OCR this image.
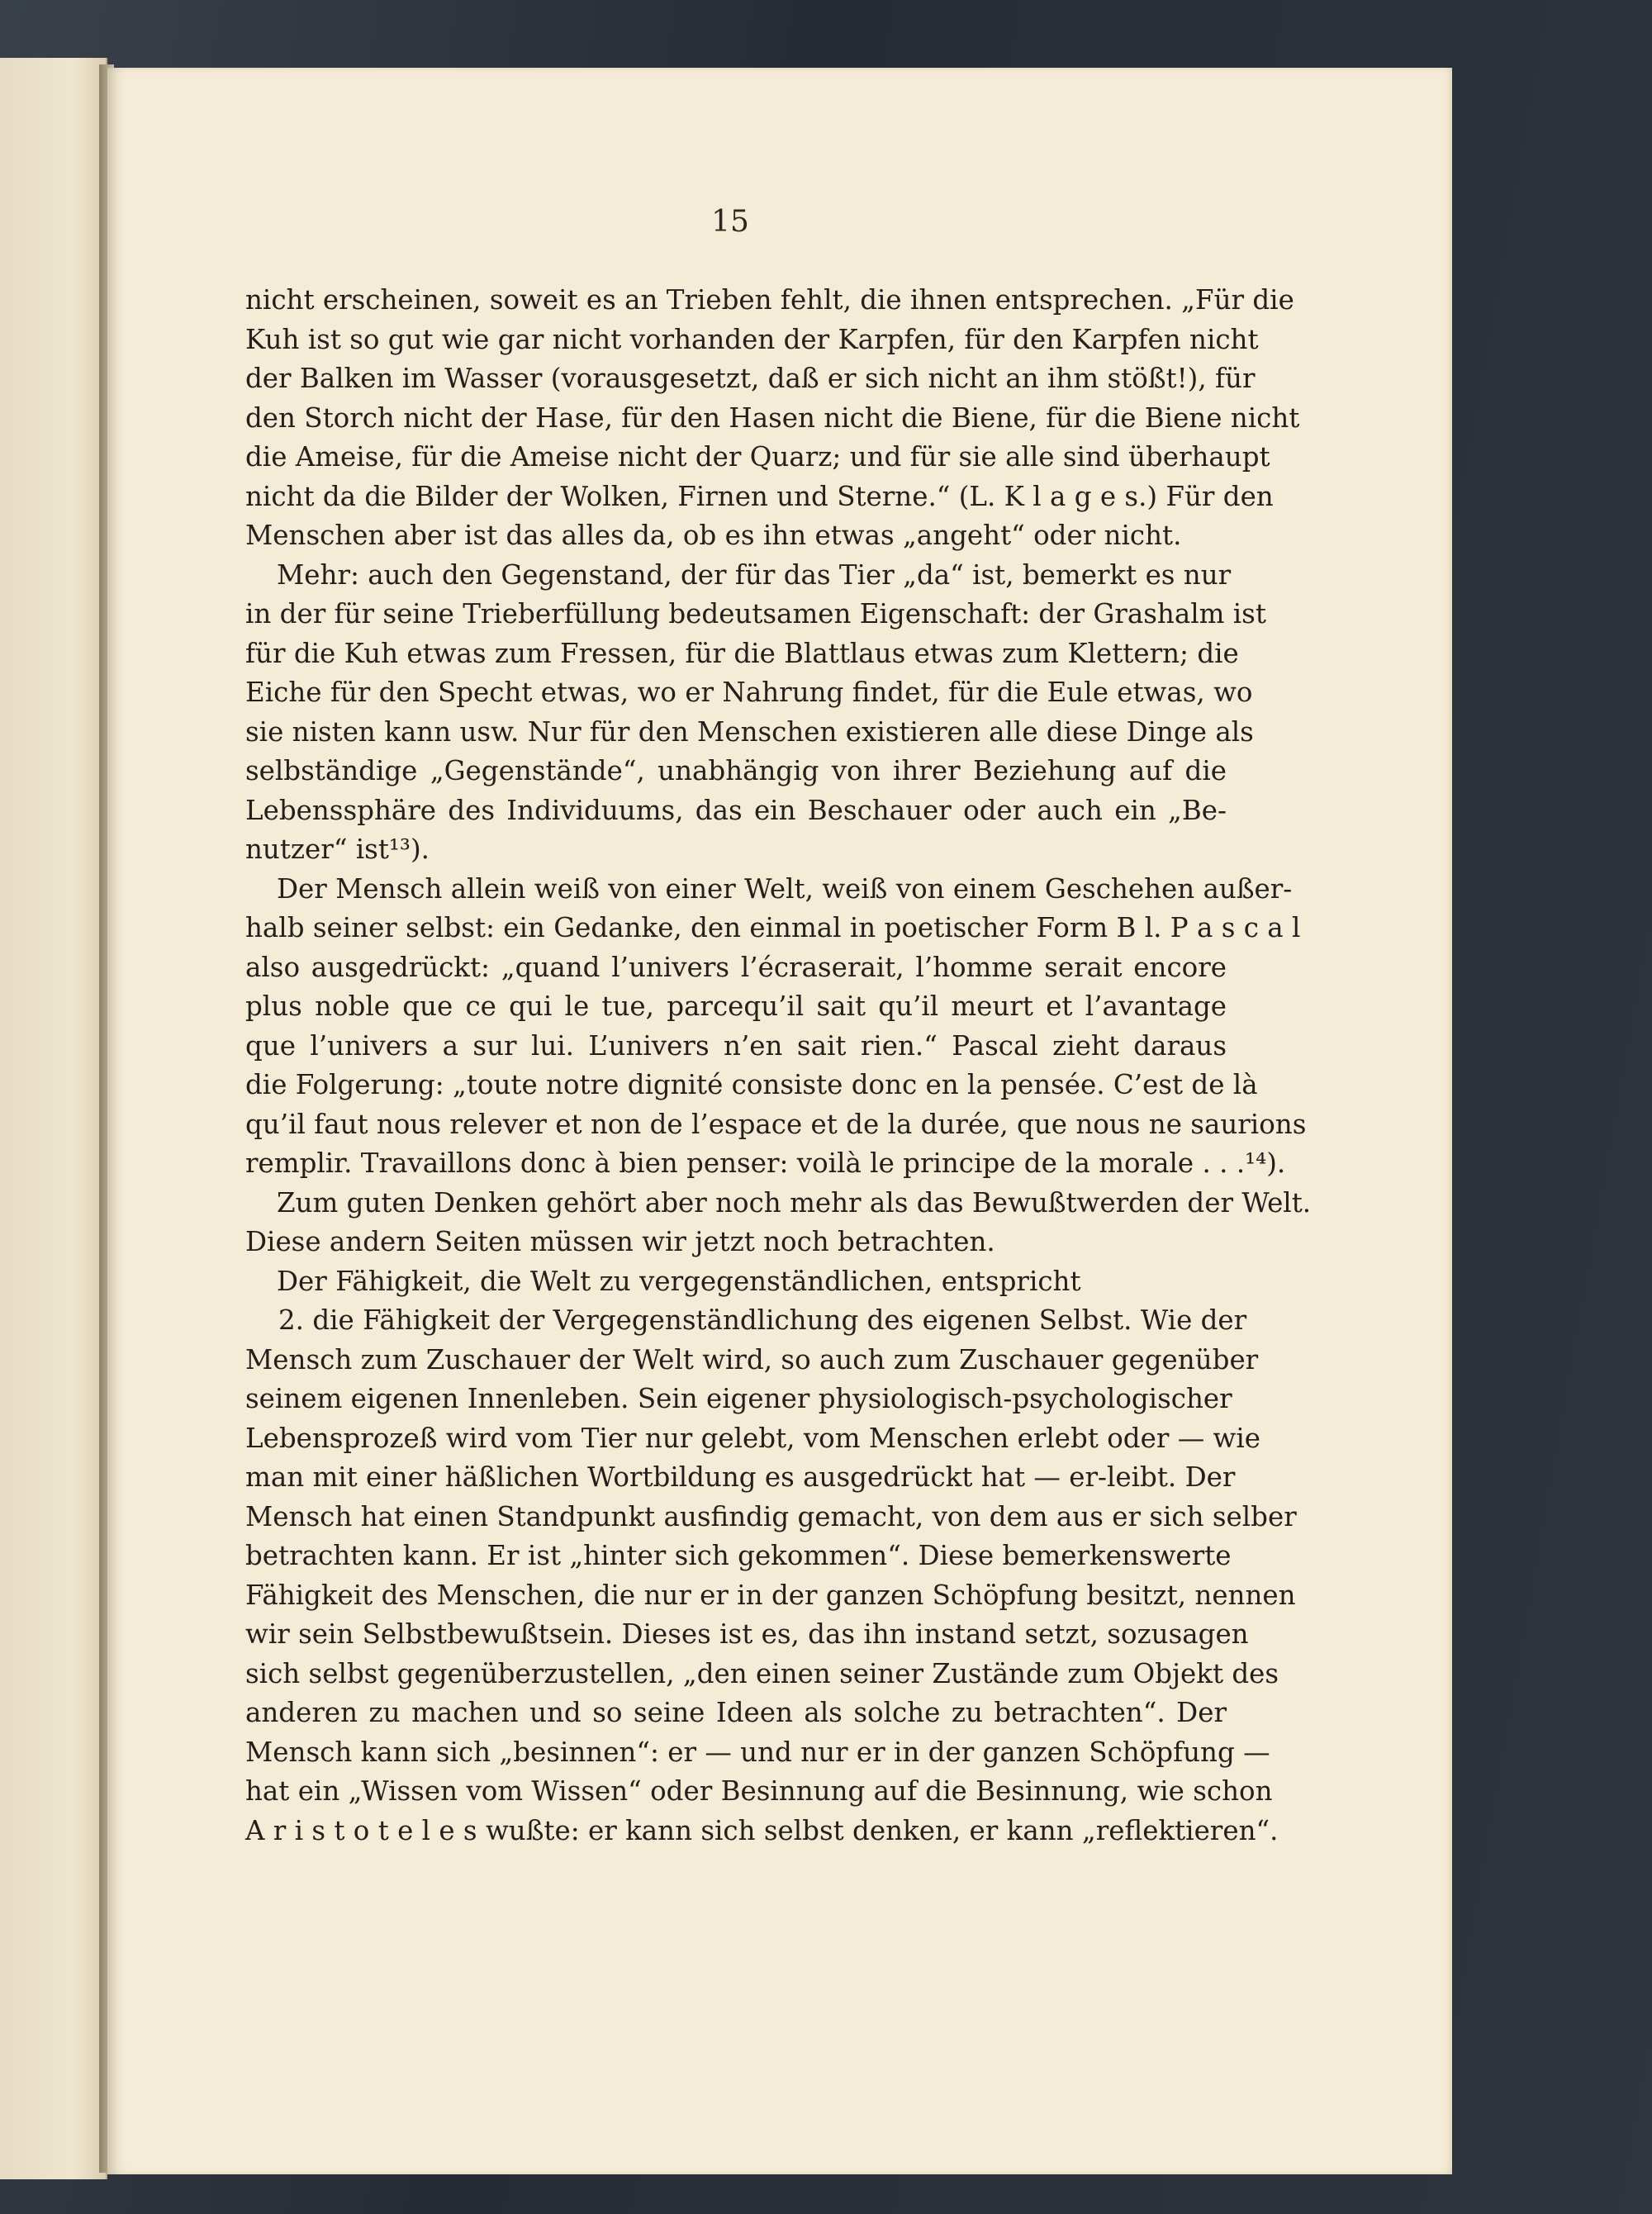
15
nicht erscheinen, soweit es an Trieben fehlt, die ihnen entsprechen. „Für die
Kuh ist so gut wie gar nicht vorhanden der Karpfen, für den Karpfen nicht
der Balken im Wasser (vorausgesetzt, daß er sich nicht an ihm stößt!), für
den Storch nicht der Hase, für den Hasen nicht die Biene, für die Biene nicht
die Ameise, für die Ameise nicht der Quarz; und für sie alle sind überhaupt
nicht da die Bilder der Wolken, Firnen und Sterne.“ (L. K l a g e s.) Für den
Menschen aber ist das alles da, ob es ihn etwas „angeht“ oder nicht.
Mehr: auch den Gegenstand, der für das Tier „da“ ist, bemerkt es nur
in der für seine Trieberfüllung bedeutsamen Eigenschaft: der Grashalm ist
für die Kuh etwas zum Fressen, für die Blattlaus etwas zum Klettern; die
Eiche für den Specht etwas, wo er Nahrung findet, für die Eule etwas, wo
sie nisten kann usw. Nur für den Menschen existieren alle diese Dinge als
selbständige „Gegenstände“, unabhängig von ihrer Beziehung auf die
Lebenssphäre des Individuums, das ein Beschauer oder auch ein „Be-
nutzer“ ist¹³).
Der Mensch allein weiß von einer Welt, weiß von einem Geschehen außer-
halb seiner selbst: ein Gedanke, den einmal in poetischer Form B l. P a s c a l
also ausgedrückt: „quand l’univers l’écraserait, l’homme serait encore
plus noble que ce qui le tue, parcequ’il sait qu’il meurt et l’avantage
que l’univers a sur lui. L’univers n’en sait rien.“ Pascal zieht daraus
die Folgerung: „toute notre dignité consiste donc en la pensée. C’est de là
qu’il faut nous relever et non de l’espace et de la durée, que nous ne saurions
remplir. Travaillons donc à bien penser: voilà le principe de la morale . . .¹⁴).
Zum guten Denken gehört aber noch mehr als das Bewußtwerden der Welt.
Diese andern Seiten müssen wir jetzt noch betrachten.
Der Fähigkeit, die Welt zu vergegenständlichen, entspricht
2. die Fähigkeit der Vergegenständlichung des eigenen Selbst. Wie der
Mensch zum Zuschauer der Welt wird, so auch zum Zuschauer gegenüber
seinem eigenen Innenleben. Sein eigener physiologisch-psychologischer
Lebensprozeß wird vom Tier nur gelebt, vom Menschen erlebt oder — wie
man mit einer häßlichen Wortbildung es ausgedrückt hat — er-leibt. Der
Mensch hat einen Standpunkt ausfindig gemacht, von dem aus er sich selber
betrachten kann. Er ist „hinter sich gekommen“. Diese bemerkenswerte
Fähigkeit des Menschen, die nur er in der ganzen Schöpfung besitzt, nennen
wir sein Selbstbewußtsein. Dieses ist es, das ihn instand setzt, sozusagen
sich selbst gegenüberzustellen, „den einen seiner Zustände zum Objekt des
anderen zu machen und so seine Ideen als solche zu betrachten“. Der
Mensch kann sich „besinnen“: er — und nur er in der ganzen Schöpfung —
hat ein „Wissen vom Wissen“ oder Besinnung auf die Besinnung, wie schon
A r i s t o t e l e s wußte: er kann sich selbst denken, er kann „reflektieren“.
